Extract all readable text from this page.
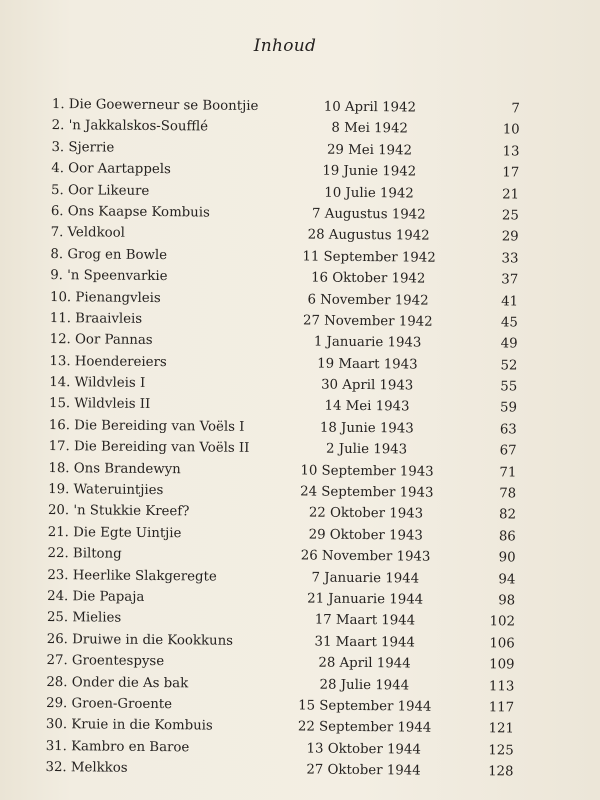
Inhoud
1. Die Goewerneur se Boontjie	10 April 1942	7
2. 'n Jakkalskos-Soufflé	8 Mei 1942	10
3. Sjerrie	29 Mei 1942	13
4. Oor Aartappels	19 Junie 1942	17
5. Oor Likeure	10 Julie 1942	21
6. Ons Kaapse Kombuis	7 Augustus 1942	25
7. Veldkool	28 Augustus 1942	29
8. Grog en Bowle	11 September 1942	33
9. 'n Speenvarkie	16 Oktober 1942	37
10. Pienangvleis	6 November 1942	41
11. Braaivleis	27 November 1942	45
12. Oor Pannas	1 Januarie 1943	49
13. Hoendereiers	19 Maart 1943	52
14. Wildvleis I	30 April 1943	55
15. Wildvleis II	14 Mei 1943	59
16. Die Bereiding van Voëls I	18 Junie 1943	63
17. Die Bereiding van Voëls II	2 Julie 1943	67
18. Ons Brandewyn	10 September 1943	71
19. Wateruintjies	24 September 1943	78
20. 'n Stukkie Kreef?	22 Oktober 1943	82
21. Die Egte Uintjie	29 Oktober 1943	86
22. Biltong	26 November 1943	90
23. Heerlike Slakgeregte	7 Januarie 1944	94
24. Die Papaja	21 Januarie 1944	98
25. Mielies	17 Maart 1944	102
26. Druiwe in die Kookkuns	31 Maart 1944	106
27. Groentespyse	28 April 1944	109
28. Onder die As bak	28 Julie 1944	113
29. Groen-Groente	15 September 1944	117
30. Kruie in die Kombuis	22 September 1944	121
31. Kambro en Baroe	13 Oktober 1944	125
32. Melkkos	27 Oktober 1944	128
